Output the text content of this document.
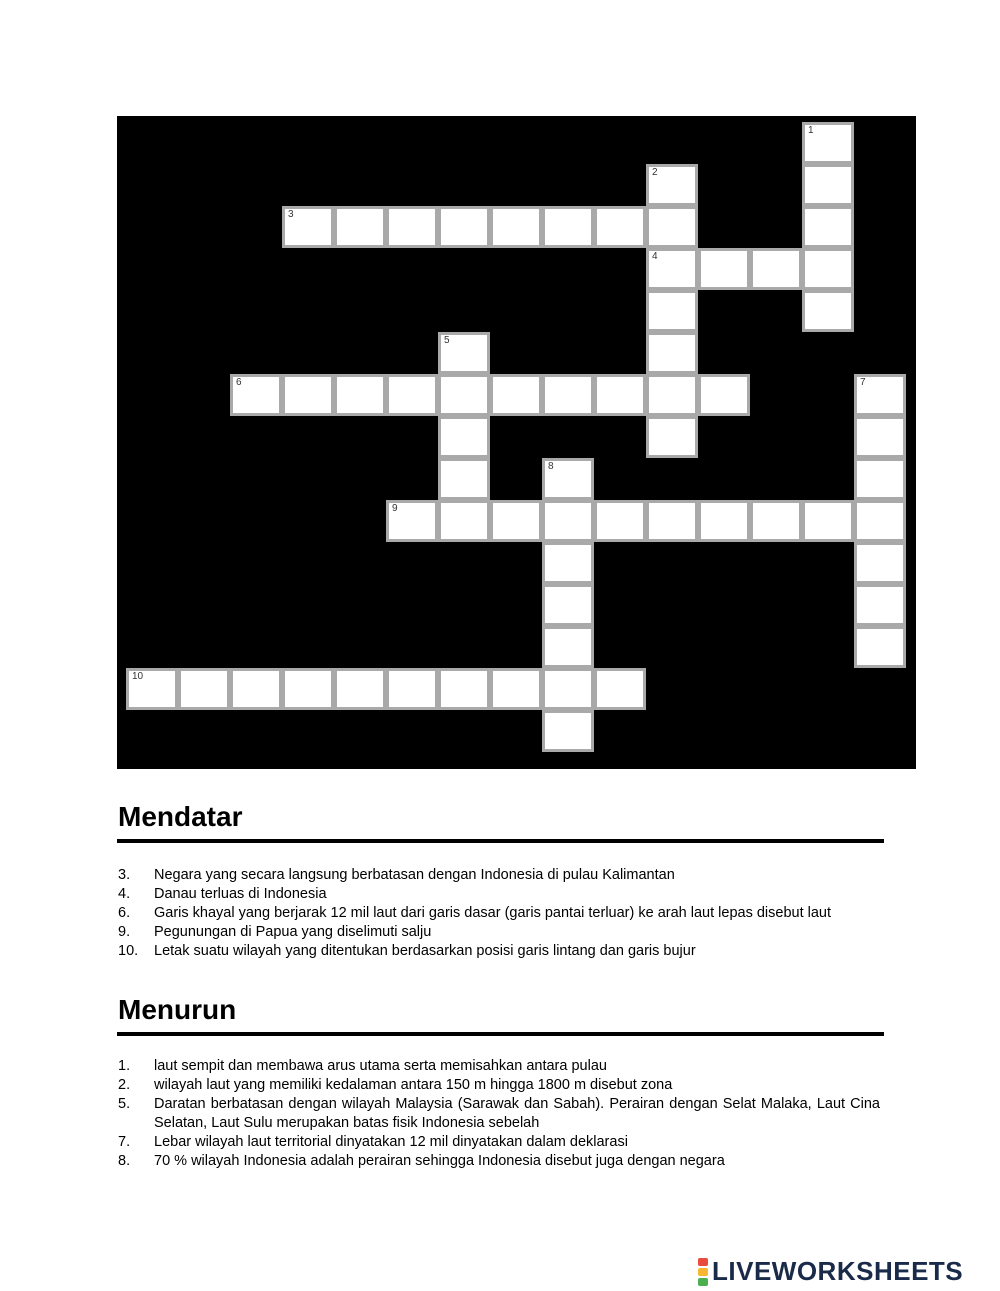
1
2
4
3
5
6	7
8
9
10
Mendatar
3.	Negara yang secara langsung berbatasan dengan Indonesia di pulau Kalimantan
4.	Danau terluas di Indonesia
6.	Garis khayal yang berjarak 12 mil laut dari garis dasar (garis pantai terluar) ke arah laut lepas disebut laut
9.	Pegunungan di Papua yang diselimuti salju
10.	Letak suatu wilayah yang ditentukan berdasarkan posisi garis lintang dan garis bujur
Menurun
1.	laut sempit dan membawa arus utama serta memisahkan antara pulau
2.	wilayah laut yang memiliki kedalaman antara 150 m hingga 1800 m disebut zona
5.	Daratan berbatasan dengan wilayah Malaysia (Sarawak dan Sabah). Perairan dengan Selat Malaka, Laut Cina Selatan, Laut Sulu merupakan batas fisik Indonesia sebelah
7.	Lebar wilayah laut territorial dinyatakan 12 mil dinyatakan dalam deklarasi
8.	70 % wilayah Indonesia adalah perairan sehingga Indonesia disebut juga dengan negara
LIVEWORKSHEETS
